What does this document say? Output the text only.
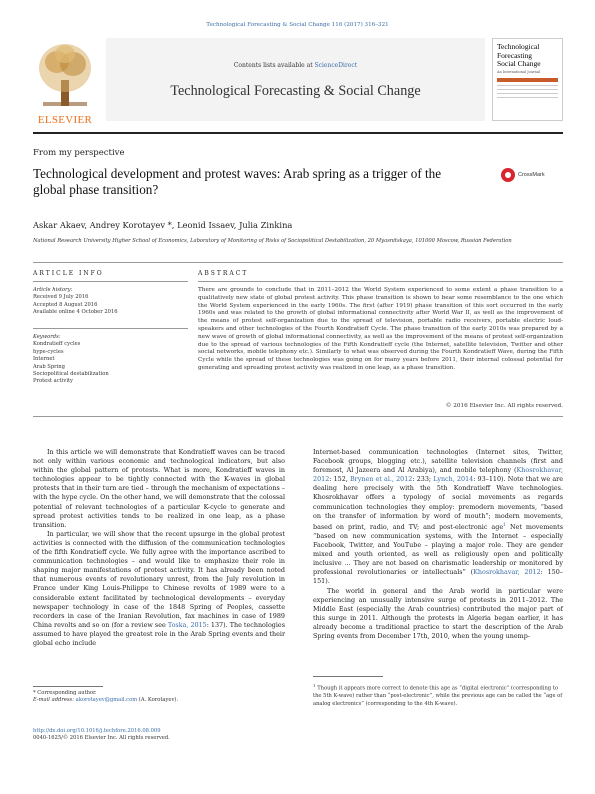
Technological Forecasting & Social Change 116 (2017) 316–321
ELSEVIER
Contents lists available at ScienceDirect
Technological Forecasting & Social Change
Technological
Forecasting
Social Change
An International Journal
From my perspective
Technological development and protest waves: Arab spring as a trigger of the global phase transition?
CrossMark
Askar Akaev, Andrey Korotayev *, Leonid Issaev, Julia Zinkina
National Research University Higher School of Economics, Laboratory of Monitoring of Risks of Sociopolitical Destabilization, 20 Myasnitskaya, 101000 Moscow, Russian Federation
ARTICLE INFO	ABSTRACT
Article history:
Received 9 July 2016
Accepted 8 August 2016
Available online 4 October 2016
Keywords:
Kondratieff cycles
hype-cycles
Internet
Arab Spring
Sociopolitical destabilization
Protest activity
There are grounds to conclude that in 2011–2012 the World System experienced to some extent a phase transition to a qualitatively new state of global protest activity. This phase transition is shown to bear some resemblance to the one which the World System experienced in the early 1960s. The first (after 1919) phase transition of this sort occurred in the early 1960s and was related to the growth of global informational connectivity after World War II, as well as the improvement of the means of protest self-organization due to the spread of television, portable radio receivers, portable electric loud-speakers and other technologies of the Fourth Kondratieff Cycle. The phase transition of the early 2010s was prepared by a new wave of growth of global informational connectivity, as well as the improvement of the means of protest self-organization due to the spread of various technologies of the Fifth Kondratieff cycle (the Internet, satellite television, Twitter and other social networks, mobile telephony etc.). Similarly to what was observed during the Fourth Kondratieff Wave, during the Fifth Cycle while the spread of these technologies was going on for many years before 2011, their internal colossal potential for generating and spreading protest activity was realized in one leap, as a phase transition.
© 2016 Elsevier Inc. All rights reserved.

In this article we will demonstrate that Kondratieff waves can be traced not only within various economic and technological indicators, but also within the global pattern of protests. What is more, Kondratieff waves in technologies appear to be tightly connected with the K-waves in global protests that in their turn are tied – through the mechanism of expectations – with the hype cycle. On the other hand, we will demonstrate that the colossal potential of relevant technologies of a particular K-cycle to generate and spread protest activities tends to be realized in one leap, as a phase transition.

In particular, we will show that the recent upsurge in the global protest activities is connected with the diffusion of the communication technologies of the fifth Kondratieff cycle. We fully agree with the importance ascribed to communication technologies – and would like to emphasize their role in shaping major manifestations of protest activity. It has already been noted that numerous events of revolutionary unrest, from the July revolution in France under King Louis-Philippe to Chinese revolts of 1989 were to a considerable extent facilitated by technological developments – everyday newspaper technology in case of the 1848 Spring of Peoples, cassette recorders in case of the Iranian Revolution, fax machines in case of 1989 China revolts and so on (for a review see Toska, 2015: 137). The technologies assumed to have played the greatest role in the Arab Spring events and their global echo include

Internet-based communication technologies (Internet sites, Twitter, Facebook groups, blogging etc.), satellite television channels (first and foremost, Al Jazeera and Al Arabiya), and mobile telephony (Khosrokhavar, 2012: 152, Brynen et al., 2012: 233; Lynch, 2014: 93–110). Note that we are dealing here precisely with the 5th Kondratieff Wave technologies. Khosrokhavar offers a typology of social movements as regards communication technologies they employ: premodern movements, “based on the transfer of information by word of mouth”; modern movements, based on print, radio, and TV; and post-electronic age$^1$ Net movements “based on new communication systems, with the Internet – especially Facebook, Twitter, and YouTube – playing a major role. They are gender mixed and youth oriented, as well as religiously open and politically inclusive … They are not based on charismatic leadership or monitored by professional revolutionaries or intellectuals” (Khosrokhavar, 2012: 150–151).

The world in general and the Arab world in particular were experiencing an unusually intensive surge of protests in 2011–2012. The Middle East (especially the Arab countries) contributed the major part of this surge in 2011. Although the protests in Algeria began earlier, it has already become a traditional practice to start the description of the Arab Spring events from December 17th, 2010, when the young unemp-

* Corresponding author.
E-mail address: akorotayev@gmail.com (A. Korotayev).
$^1$ Though it appears more correct to denote this age as “digital electronic” (corresponding to the 5th K-wave) rather than “post-electronic”, while the previous age can be called the “age of analog electronics” (corresponding to the 4th K-wave).
http://dx.doi.org/10.1016/j.techfore.2016.08.009
0040-1625/© 2016 Elsevier Inc. All rights reserved.
